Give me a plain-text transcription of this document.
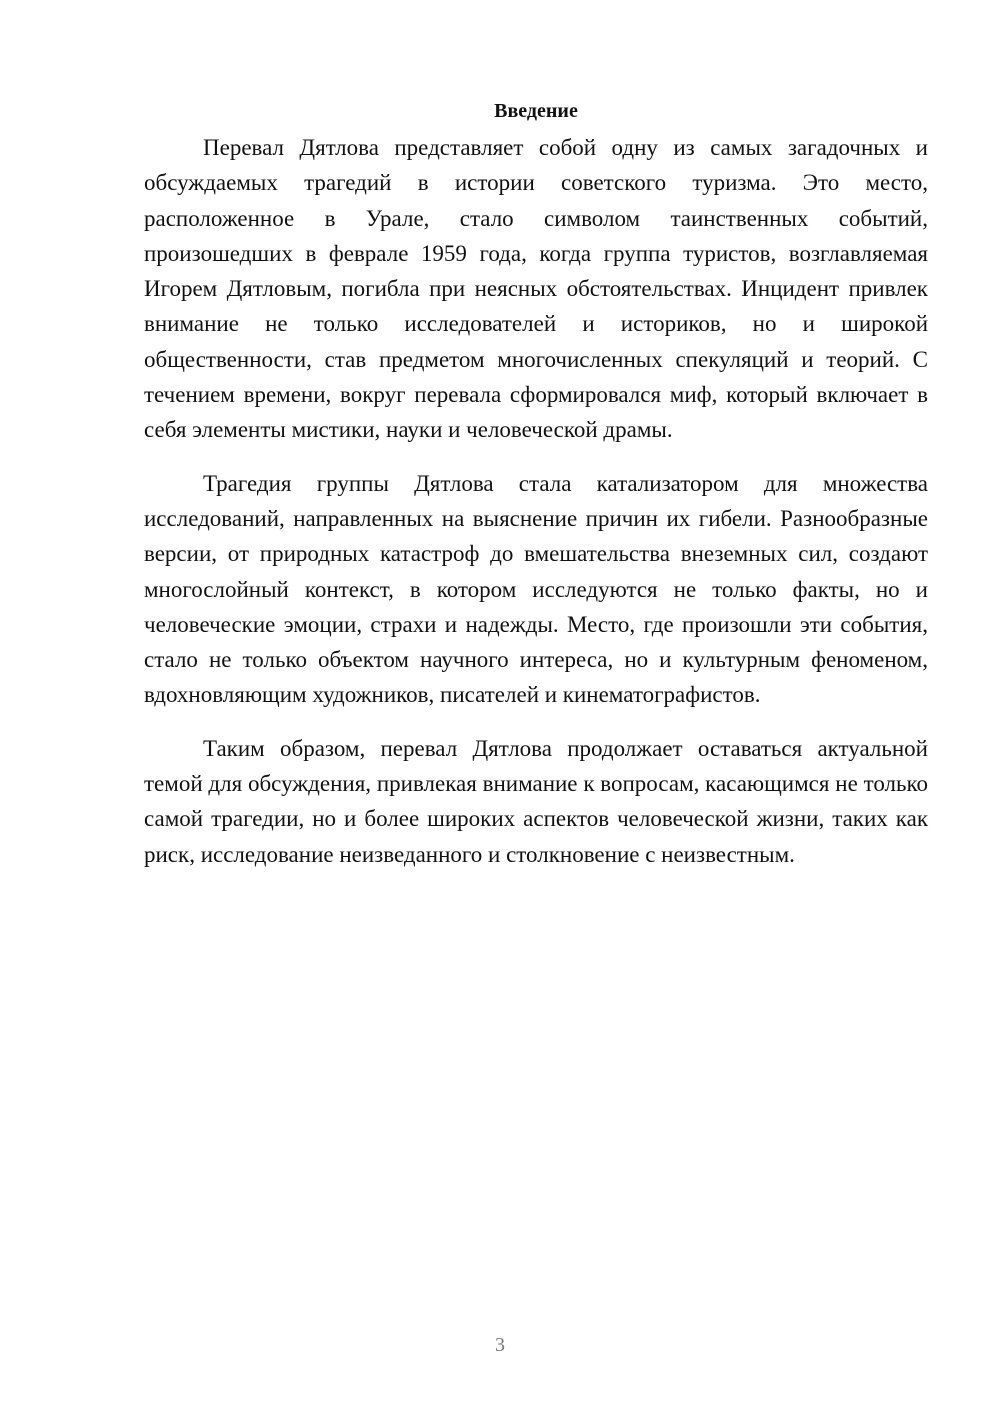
Введение

Перевал Дятлова представляет собой одну из самых загадочных и обсуждаемых трагедий в истории советского туризма. Это место, расположенное в Урале, стало символом таинственных событий, произошедших в феврале 1959 года, когда группа туристов, возглавляемая Игорем Дятловым, погибла при неясных обстоятельствах. Инцидент привлек внимание не только исследователей и историков, но и широкой общественности, став предметом многочисленных спекуляций и теорий. С течением времени, вокруг перевала сформировался миф, который включает в себя элементы мистики, науки и человеческой драмы.

Трагедия группы Дятлова стала катализатором для множества исследований, направленных на выяснение причин их гибели. Разнообразные версии, от природных катастроф до вмешательства внеземных сил, создают многослойный контекст, в котором исследуются не только факты, но и человеческие эмоции, страхи и надежды. Место, где произошли эти события, стало не только объектом научного интереса, но и культурным феноменом, вдохновляющим художников, писателей и кинематографистов.

Таким образом, перевал Дятлова продолжает оставаться актуальной темой для обсуждения, привлекая внимание к вопросам, касающимся не только самой трагедии, но и более широких аспектов человеческой жизни, таких как риск, исследование неизведанного и столкновение с неизвестным.

3
